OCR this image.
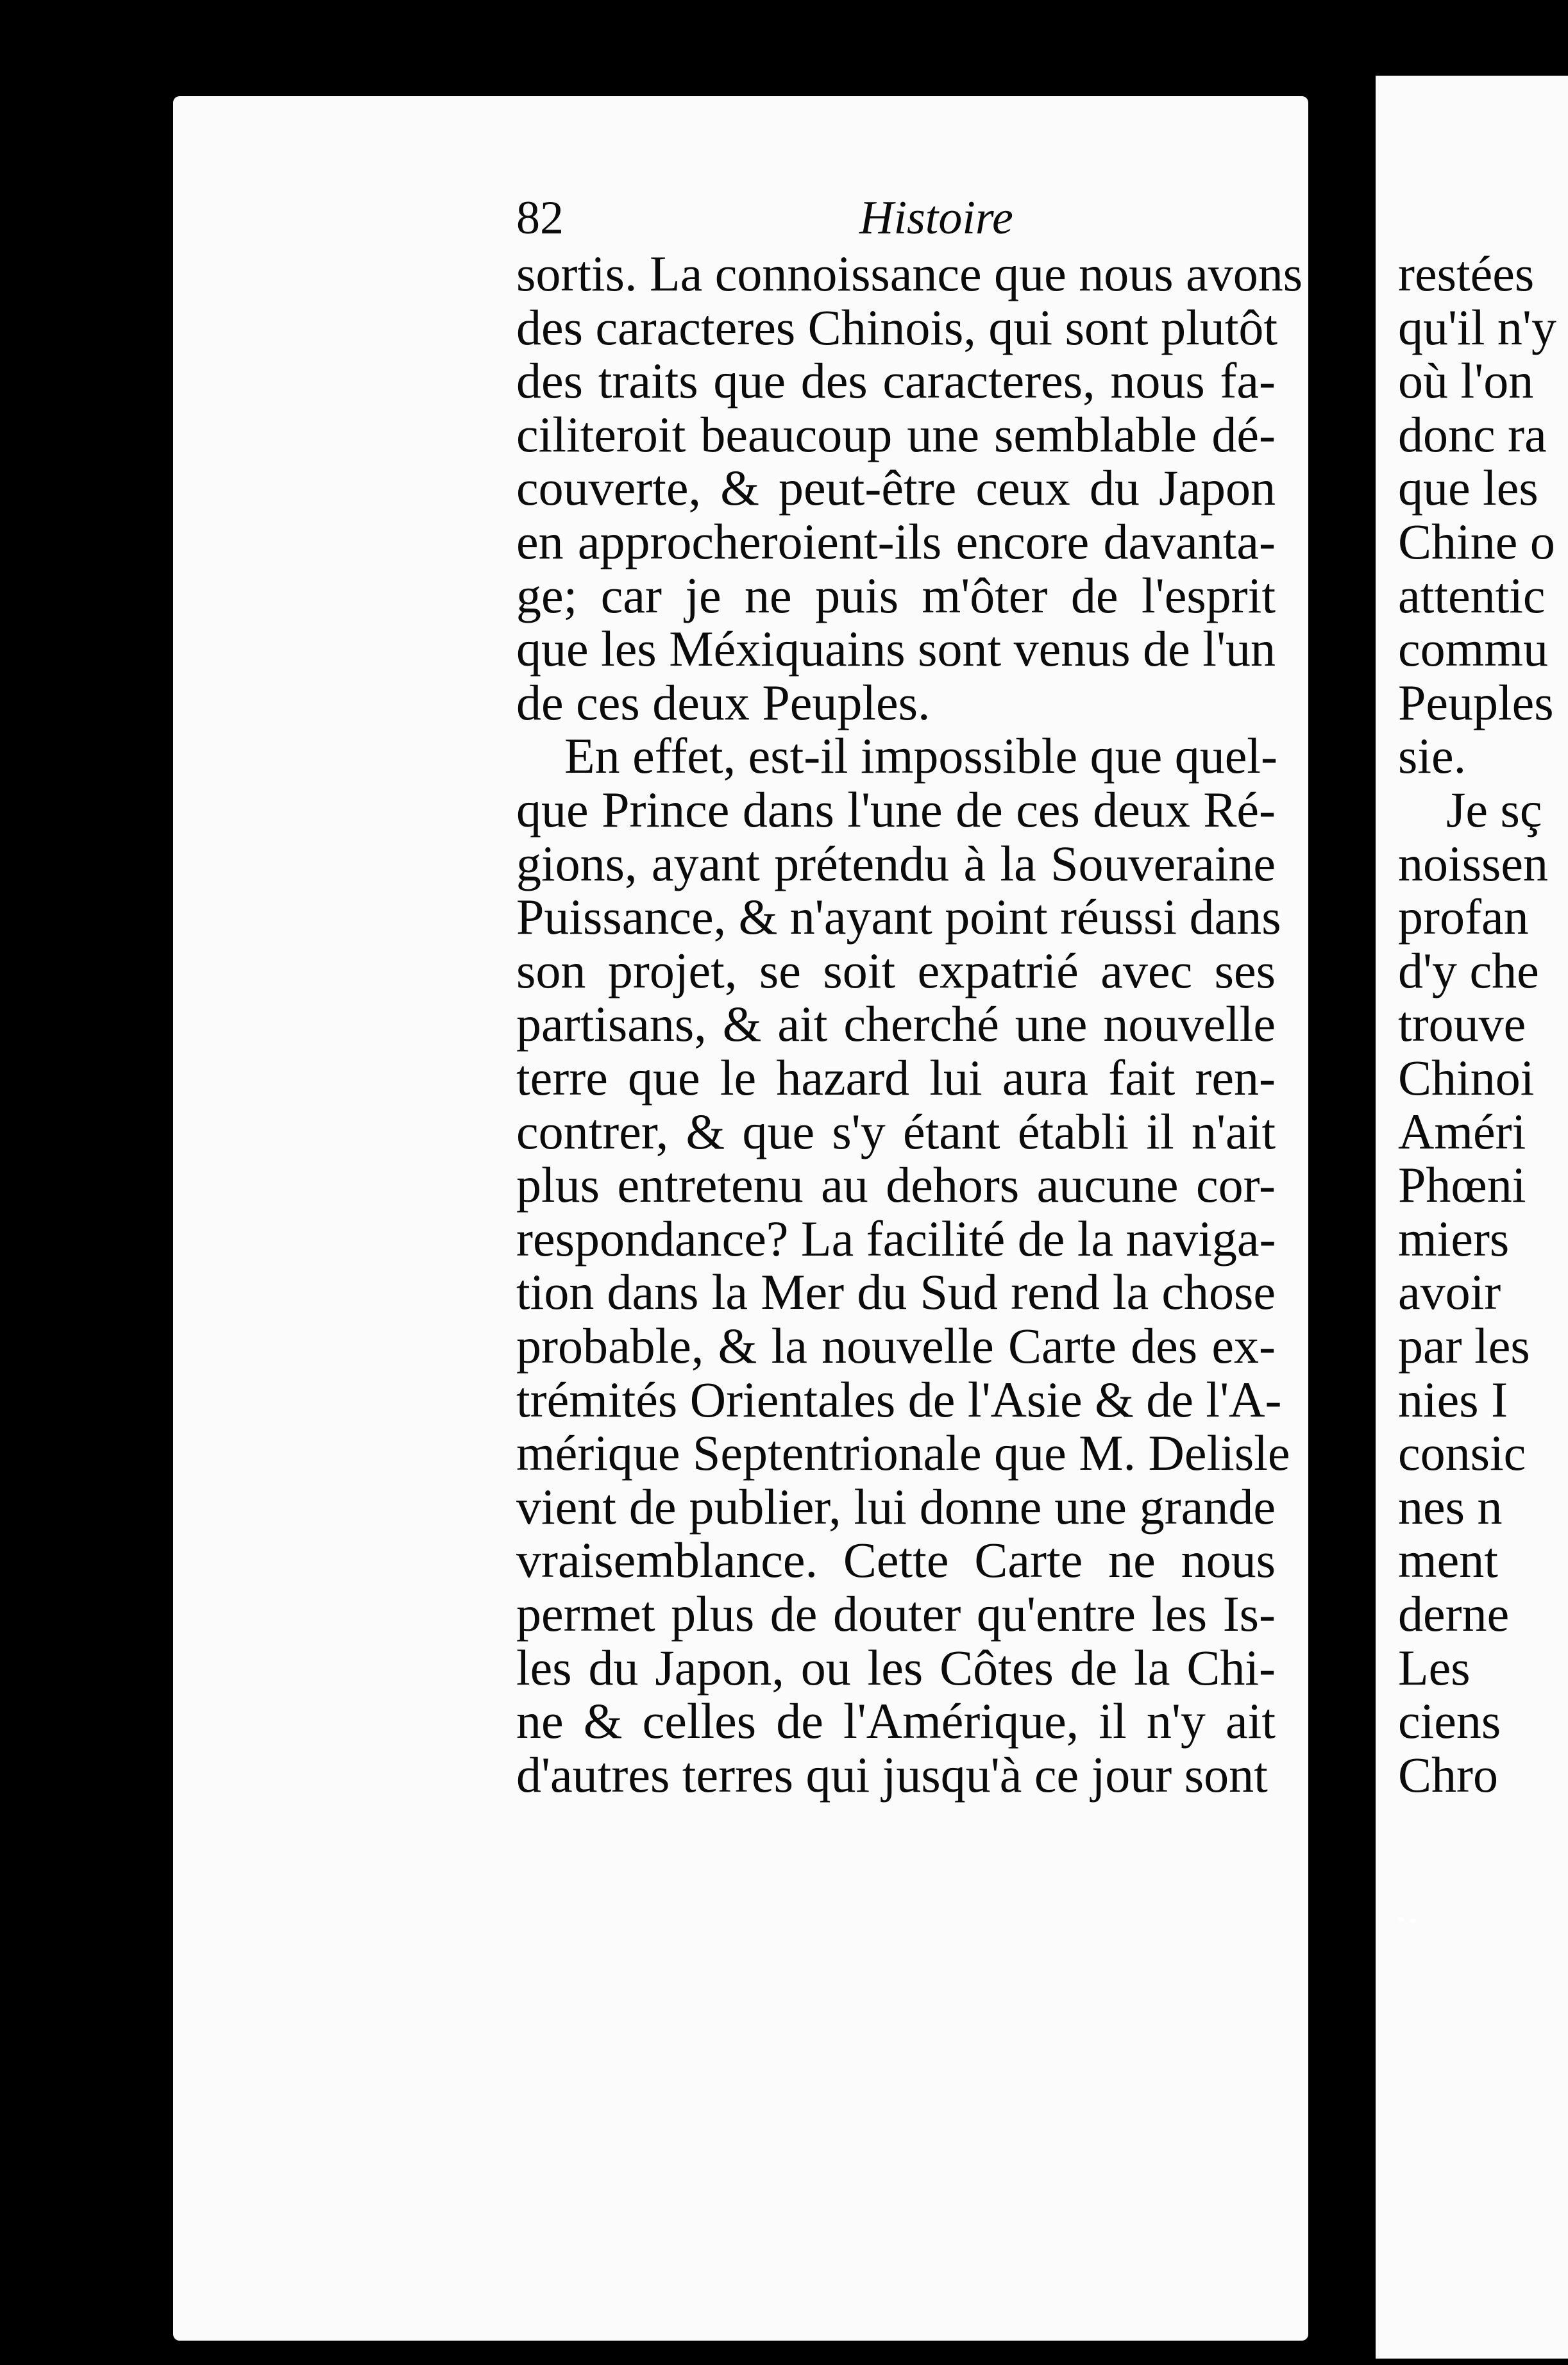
82	Histoire

sortis. La connoissance que nous avons

des caracteres Chinois, qui sont plutôt

des traits que des caracteres, nous fa-

ciliteroit beaucoup une semblable dé-

couverte, & peut-être ceux du Japon

en approcheroient-ils encore davanta-

ge; car je ne puis m'ôter de l'esprit

que les Méxiquains sont venus de l'un

de ces deux Peuples.

En effet, est-il impossible que quel-

que Prince dans l'une de ces deux Ré-

gions, ayant prétendu à la Souveraine

Puissance, & n'ayant point réussi dans

son projet, se soit expatrié avec ses

partisans, & ait cherché une nouvelle

terre que le hazard lui aura fait ren-

contrer, & que s'y étant établi il n'ait

plus entretenu au dehors aucune cor-

respondance? La facilité de la naviga-

tion dans la Mer du Sud rend la chose

probable, & la nouvelle Carte des ex-

trémités Orientales de l'Asie & de l'A-

mérique Septentrionale que M. Delisle

vient de publier, lui donne une grande

vraisemblance. Cette Carte ne nous

permet plus de douter qu'entre les Is-

les du Japon, ou les Côtes de la Chi-

ne & celles de l'Amérique, il n'y ait

d'autres terres qui jusqu'à ce jour sont

restées

qu'il n'y

où l'on

donc ra

que les

Chine o

attentic

commu

Peuples

sie.

Je sç

noissen

profan

d'y che

trouve

Chinoi

Améri

Phœni

miers

avoir

par les

nies I

consic

nes n

ment

derne

Les

ciens

Chro
